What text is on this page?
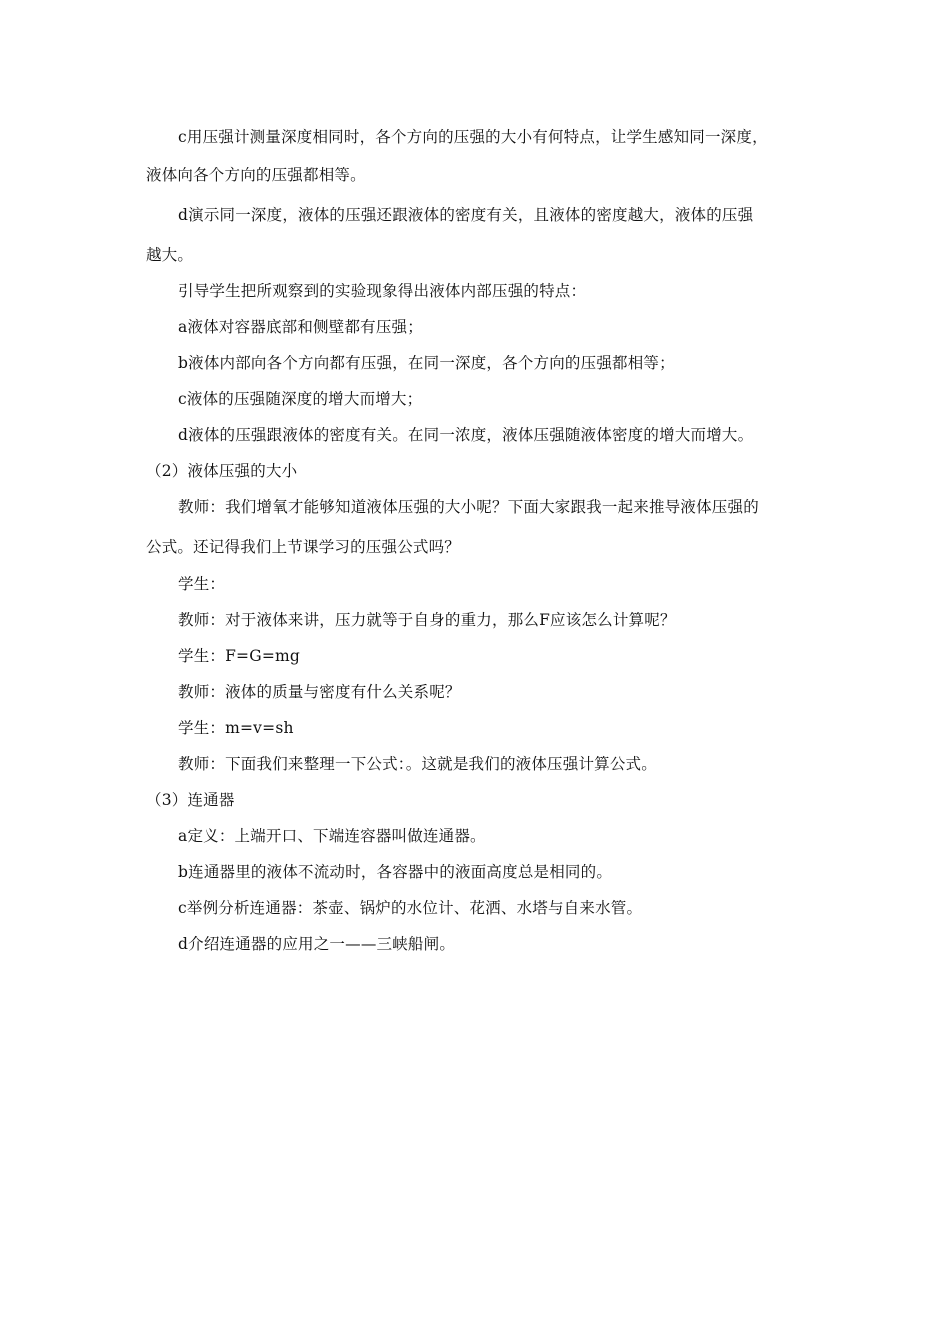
c用压强计测量深度相同时，各个方向的压强的大小有何特点，让学生感知同一深度，
液体向各个方向的压强都相等。
d演示同一深度，液体的压强还跟液体的密度有关，且液体的密度越大，液体的压强
越大。
引导学生把所观察到的实验现象得出液体内部压强的特点：
a液体对容器底部和侧壁都有压强；
b液体内部向各个方向都有压强，在同一深度，各个方向的压强都相等；
c液体的压强随深度的增大而增大；
d液体的压强跟液体的密度有关。在同一浓度，液体压强随液体密度的增大而增大。
（2）液体压强的大小
教师：我们增氧才能够知道液体压强的大小呢？下面大家跟我一起来推导液体压强的
公式。还记得我们上节课学习的压强公式吗？
学生：
教师：对于液体来讲，压力就等于自身的重力，那么F应该怎么计算呢？
学生：F=G=mg
教师：液体的质量与密度有什么关系呢？
学生：m=v=sh
教师：下面我们来整理一下公式：。这就是我们的液体压强计算公式。
（3）连通器
a定义：上端开口、下端连容器叫做连通器。
b连通器里的液体不流动时，各容器中的液面高度总是相同的。
c举例分析连通器：茶壶、锅炉的水位计、花洒、水塔与自来水管。
d介绍连通器的应用之一——三峡船闸。
